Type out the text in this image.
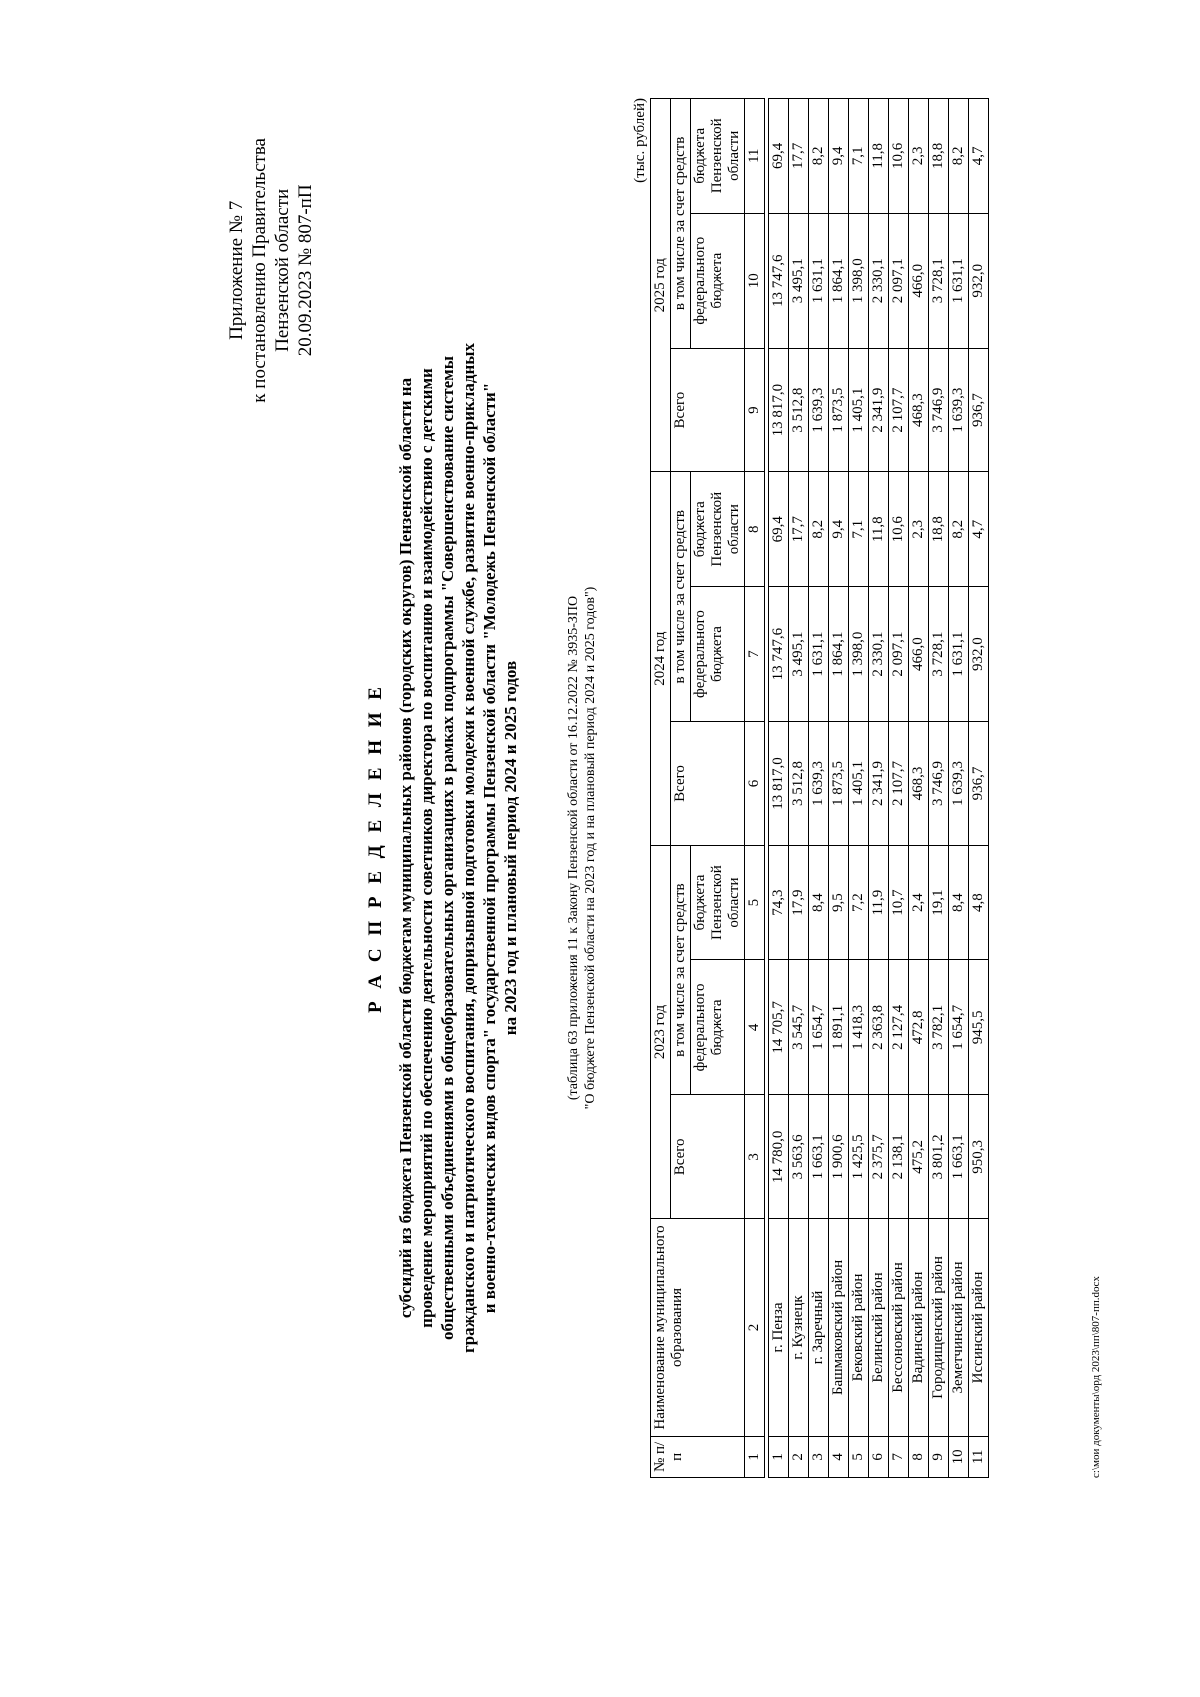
Приложение № 7 к постановлению Правительства Пензенской области 20.09.2023 № 807-пП
Р А С П Р Е Д Е Л Е Н И Е субсидий из бюджета Пензенской области бюджетам муниципальных районов (городских округов) Пензенской области на проведение мероприятий по обеспечению деятельности советников директора по воспитанию и взаимодействию с детскими общественными объединениями в общеобразовательных организациях в рамках подпрограммы "Совершенствование системы гражданского и патриотического воспитания, допризывной подготовки молодежи к военной службе, развитие военно-прикладных и военно-технических видов спорта" государственной программы Пензенской области "Молодежь Пензенской области" на 2023 год и плановый период 2024 и 2025 годов	(таблица 63 приложения 11 к Закону Пензенской области от 16.12.2022 № 3935-ЗПО "О бюджете Пензенской области на 2023 год и на плановый период 2024 и 2025 годов")
(тыс. рублей)
№ п/п	Наименование муниципального образования	2023 год			2024 год			2025 год		
		Всего	в том числе за счет средств		Всего	в том числе за счет средств		Всего	в том числе за счет средств	
			федерального бюджета	бюджета Пензенской области		федерального бюджета	бюджета Пензенской области		федерального бюджета	бюджета Пензенской области
1	2	3	4	5	6	7	8	9	10	11

1	г. Пенза	14 780,0	14 705,7	74,3	13 817,0	13 747,6	69,4	13 817,0	13 747,6	69,4
2	г. Кузнецк	3 563,6	3 545,7	17,9	3 512,8	3 495,1	17,7	3 512,8	3 495,1	17,7
3	г. Заречный	1 663,1	1 654,7	8,4	1 639,3	1 631,1	8,2	1 639,3	1 631,1	8,2
4	Башмаковский район	1 900,6	1 891,1	9,5	1 873,5	1 864,1	9,4	1 873,5	1 864,1	9,4
5	Бековский район	1 425,5	1 418,3	7,2	1 405,1	1 398,0	7,1	1 405,1	1 398,0	7,1
6	Белинский район	2 375,7	2 363,8	11,9	2 341,9	2 330,1	11,8	2 341,9	2 330,1	11,8
7	Бессоновский район	2 138,1	2 127,4	10,7	2 107,7	2 097,1	10,6	2 107,7	2 097,1	10,6
8	Вадинский район	475,2	472,8	2,4	468,3	466,0	2,3	468,3	466,0	2,3
9	Городищенский район	3 801,2	3 782,1	19,1	3 746,9	3 728,1	18,8	3 746,9	3 728,1	18,8
10	Земетчинский район	1 663,1	1 654,7	8,4	1 639,3	1 631,1	8,2	1 639,3	1 631,1	8,2
11	Иссинский район	950,3	945,5	4,8	936,7	932,0	4,7	936,7	932,0	4,7
c:\мои документы\орд 2023\пп\807-пп.docx
